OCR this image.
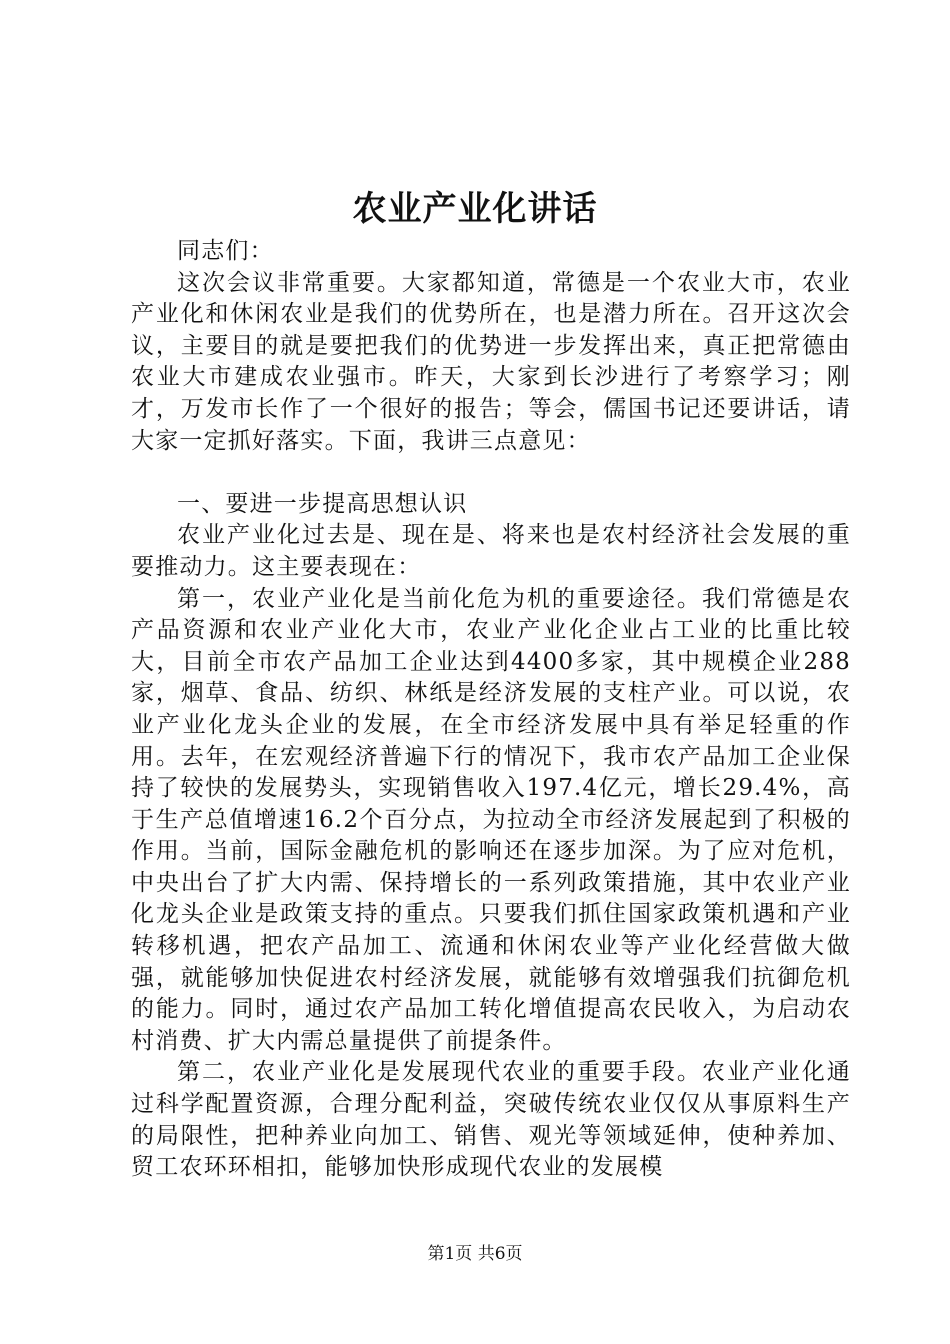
农业产业化讲话

同志们：

这次会议非常重要。大家都知道，常德是一个农业大市，农业产业化和休闲农业是我们的优势所在，也是潜力所在。召开这次会议，主要目的就是要把我们的优势进一步发挥出来，真正把常德由农业大市建成农业强市。昨天，大家到长沙进行了考察学习；刚才，万发市长作了一个很好的报告；等会，儒国书记还要讲话，请大家一定抓好落实。下面，我讲三点意见：

一、要进一步提高思想认识

农业产业化过去是、现在是、将来也是农村经济社会发展的重要推动力。这主要表现在：

第一，农业产业化是当前化危为机的重要途径。我们常德是农产品资源和农业产业化大市，农业产业化企业占工业的比重比较大，目前全市农产品加工企业达到4400多家，其中规模企业288家，烟草、食品、纺织、林纸是经济发展的支柱产业。可以说，农业产业化龙头企业的发展，在全市经济发展中具有举足轻重的作用。去年，在宏观经济普遍下行的情况下，我市农产品加工企业保持了较快的发展势头，实现销售收入197.4亿元，增长29.4%，高于生产总值增速16.2个百分点，为拉动全市经济发展起到了积极的作用。当前，国际金融危机的影响还在逐步加深。为了应对危机，中央出台了扩大内需、保持增长的一系列政策措施，其中农业产业化龙头企业是政策支持的重点。只要我们抓住国家政策机遇和产业转移机遇，把农产品加工、流通和休闲农业等产业化经营做大做强，就能够加快促进农村经济发展，就能够有效增强我们抗御危机的能力。同时，通过农产品加工转化增值提高农民收入，为启动农村消费、扩大内需总量提供了前提条件。

第二，农业产业化是发展现代农业的重要手段。农业产业化通过科学配置资源，合理分配利益，突破传统农业仅仅从事原料生产的局限性，把种养业向加工、销售、观光等领域延伸，使种养加、贸工农环环相扣，能够加快形成现代农业的发展模

第1页 共6页
